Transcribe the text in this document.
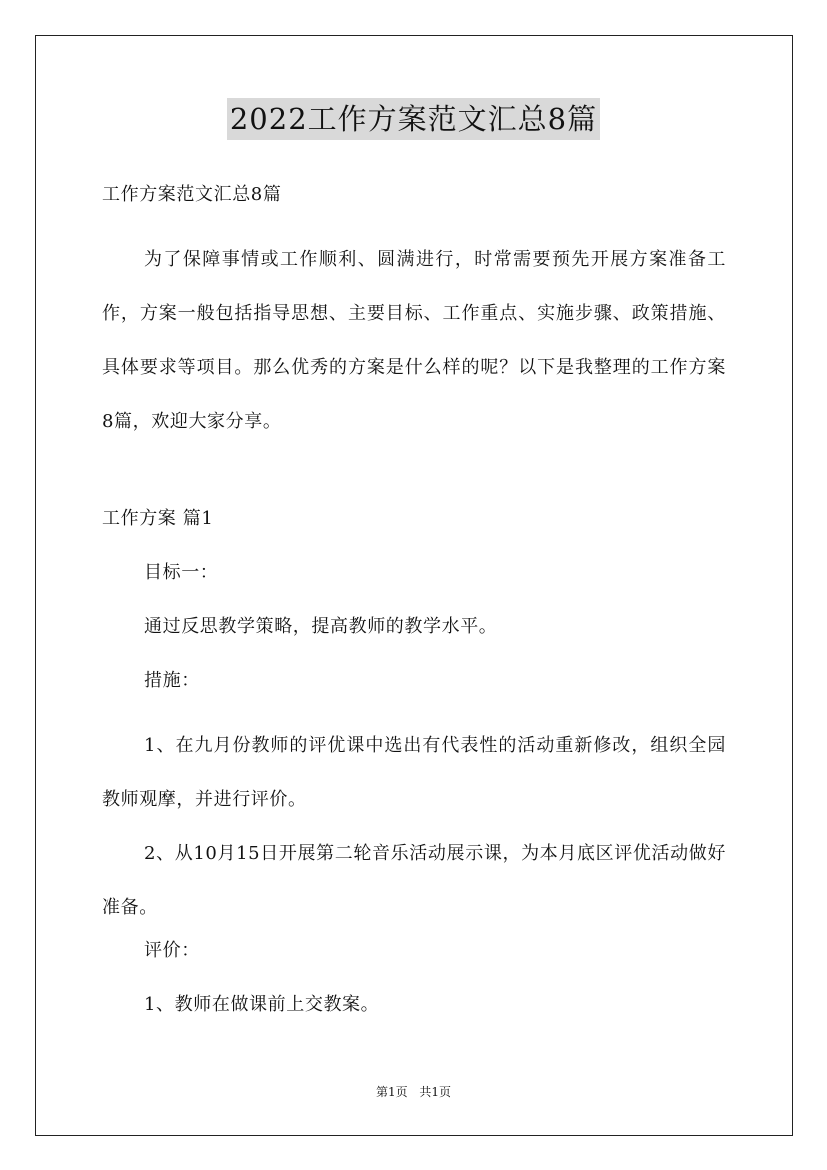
2022工作方案范文汇总8篇

工作方案范文汇总8篇

为了保障事情或工作顺利、圆满进行，时常需要预先开展方案准备工作，方案一般包括指导思想、主要目标、工作重点、实施步骤、政策措施、具体要求等项目。那么优秀的方案是什么样的呢？以下是我整理的工作方案8篇，欢迎大家分享。

工作方案 篇1

目标一：

通过反思教学策略，提高教师的教学水平。

措施：

1、在九月份教师的评优课中选出有代表性的活动重新修改，组织全园教师观摩，并进行评价。

2、从10月15日开展第二轮音乐活动展示课，为本月底区评优活动做好准备。

评价：

1、教师在做课前上交教案。

第1页 共1页
